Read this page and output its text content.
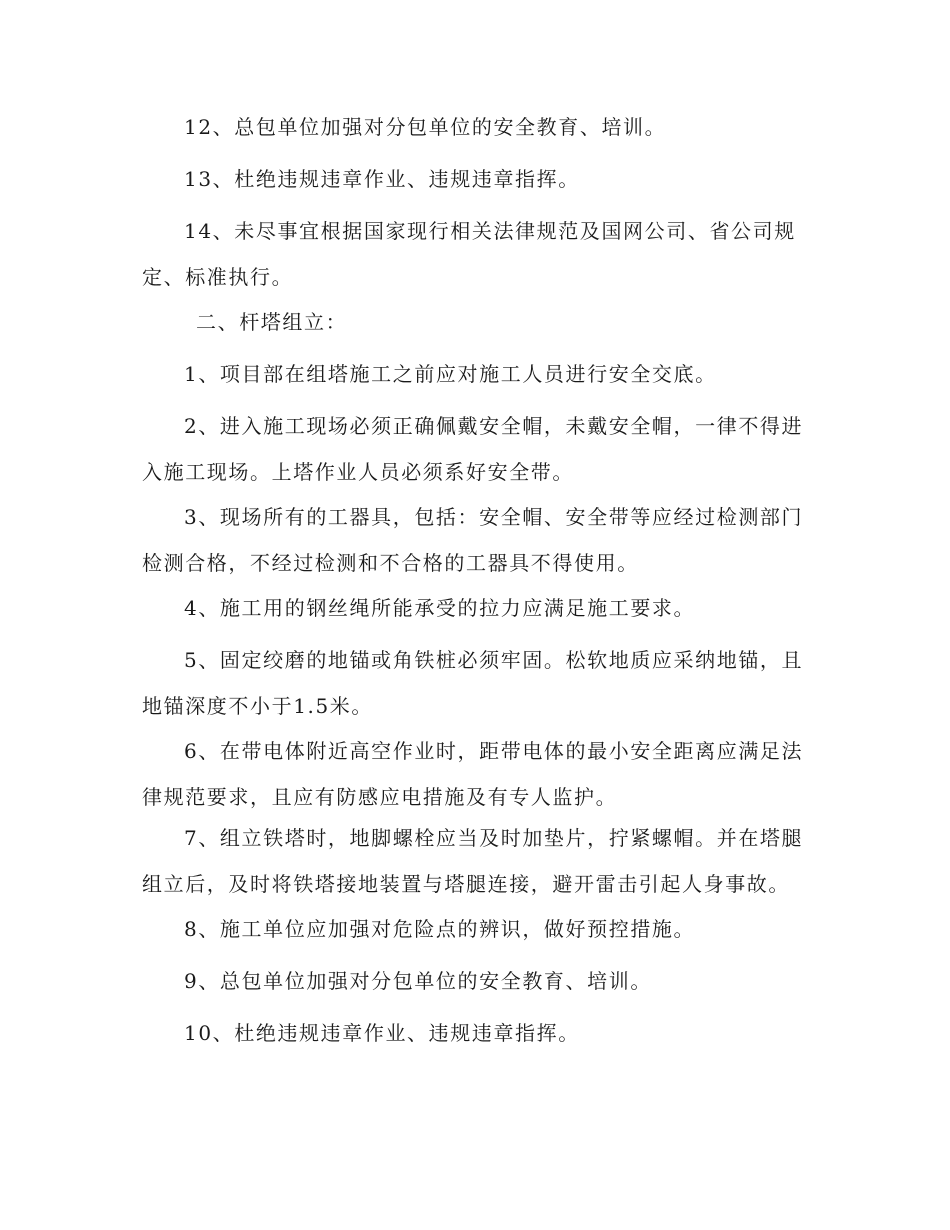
12、总包单位加强对分包单位的安全教育、培训。

13、杜绝违规违章作业、违规违章指挥。

14、未尽事宜根据国家现行相关法律规范及国网公司、省公司规定、标准执行。

二、杆塔组立：

1、项目部在组塔施工之前应对施工人员进行安全交底。

2、进入施工现场必须正确佩戴安全帽，未戴安全帽，一律不得进入施工现场。上塔作业人员必须系好安全带。

3、现场所有的工器具，包括：安全帽、安全带等应经过检测部门检测合格，不经过检测和不合格的工器具不得使用。

4、施工用的钢丝绳所能承受的拉力应满足施工要求。

5、固定绞磨的地锚或角铁桩必须牢固。松软地质应采纳地锚，且地锚深度不小于1.5米。

6、在带电体附近高空作业时，距带电体的最小安全距离应满足法律规范要求，且应有防感应电措施及有专人监护。

7、组立铁塔时，地脚螺栓应当及时加垫片，拧紧螺帽。并在塔腿组立后，及时将铁塔接地装置与塔腿连接，避开雷击引起人身事故。

8、施工单位应加强对危险点的辨识，做好预控措施。

9、总包单位加强对分包单位的安全教育、培训。

10、杜绝违规违章作业、违规违章指挥。
